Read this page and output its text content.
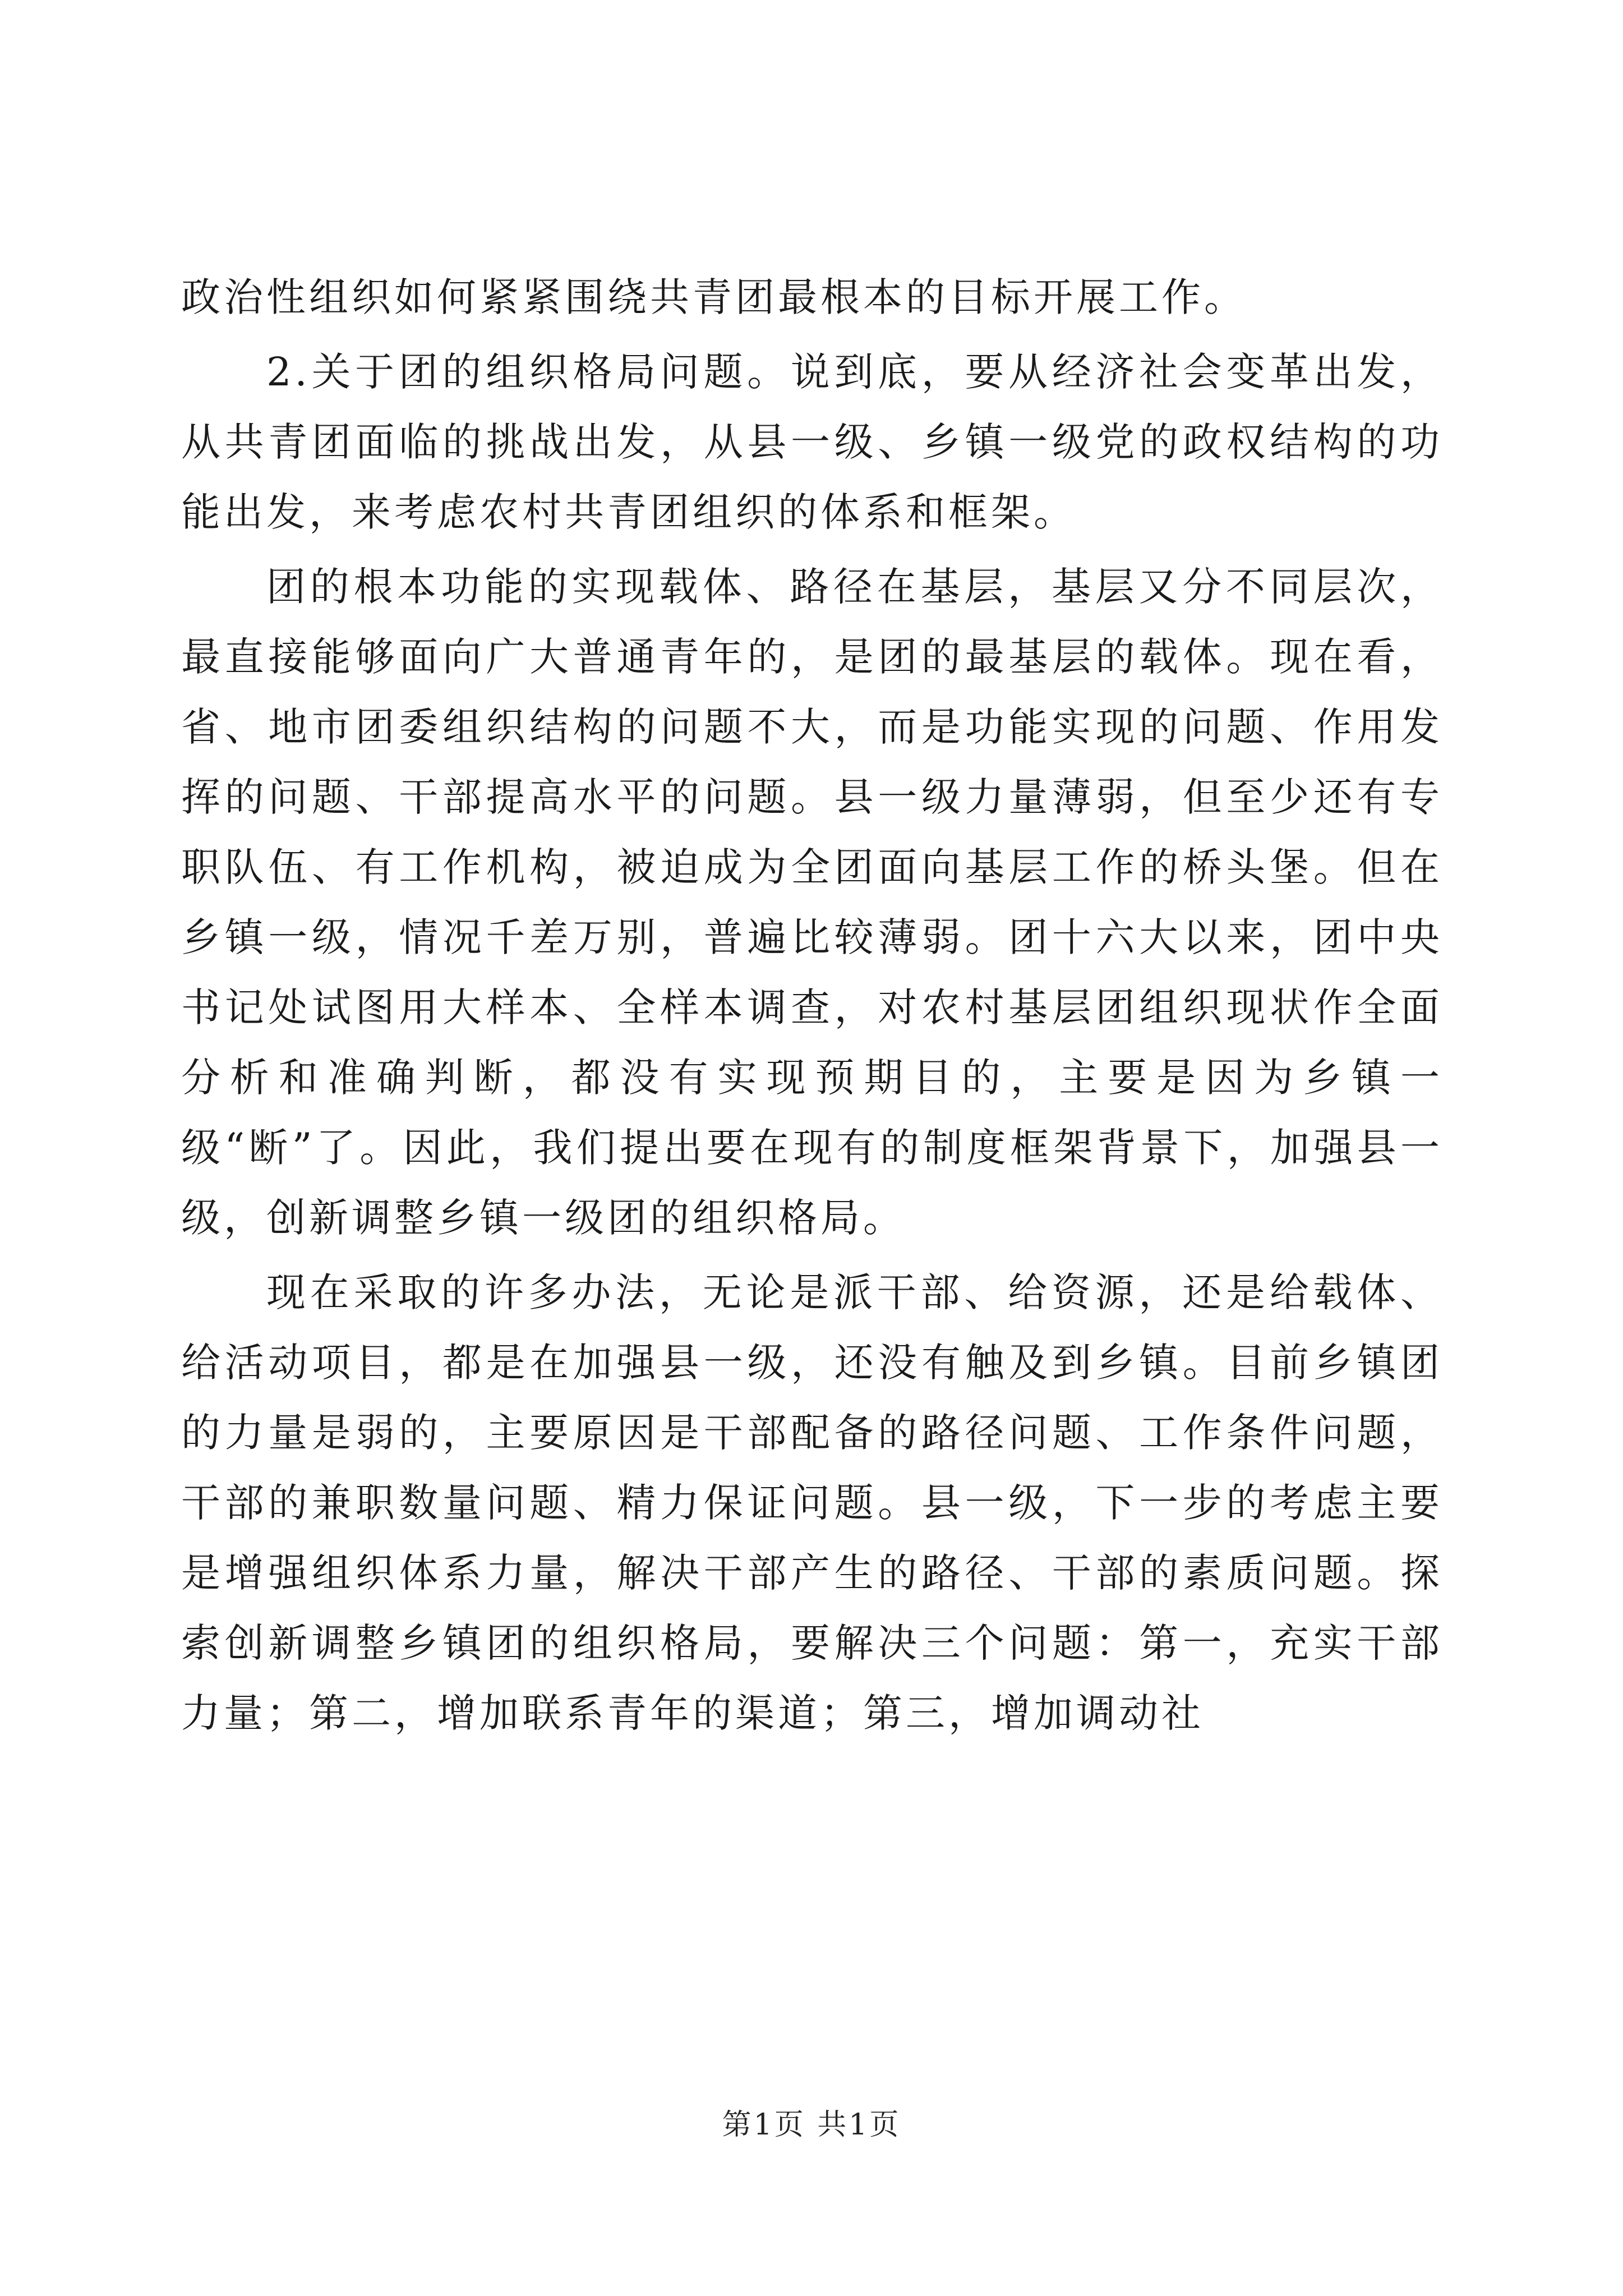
政治性组织如何紧紧围绕共青团最根本的目标开展工作。

2.关于团的组织格局问题。说到底，要从经济社会变革出发，从共青团面临的挑战出发，从县一级、乡镇一级党的政权结构的功能出发，来考虑农村共青团组织的体系和框架。

团的根本功能的实现载体、路径在基层，基层又分不同层次，最直接能够面向广大普通青年的，是团的最基层的载体。现在看，省、地市团委组织结构的问题不大，而是功能实现的问题、作用发挥的问题、干部提高水平的问题。县一级力量薄弱，但至少还有专职队伍、有工作机构，被迫成为全团面向基层工作的桥头堡。但在乡镇一级，情况千差万别，普遍比较薄弱。团十六大以来，团中央书记处试图用大样本、全样本调查，对农村基层团组织现状作全面分析和准确判断，都没有实现预期目的，主要是因为乡镇一级“断”了。因此，我们提出要在现有的制度框架背景下，加强县一级，创新调整乡镇一级团的组织格局。

现在采取的许多办法，无论是派干部、给资源，还是给载体、给活动项目，都是在加强县一级，还没有触及到乡镇。目前乡镇团的力量是弱的，主要原因是干部配备的路径问题、工作条件问题，干部的兼职数量问题、精力保证问题。县一级，下一步的考虑主要是增强组织体系力量，解决干部产生的路径、干部的素质问题。探索创新调整乡镇团的组织格局，要解决三个问题：第一，充实干部力量；第二，增加联系青年的渠道；第三，增加调动社

第1页 共1页
